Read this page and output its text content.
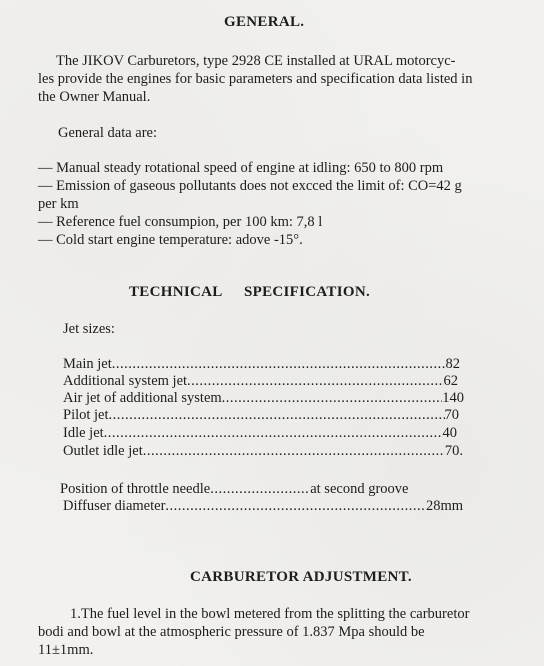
GENERAL.
The JIKOV Carburetors, type 2928 CE installed at URAL motorcyc-
les provide the engines for basic parameters and specification data listed in
the Owner Manual.
General data are:
— Manual steady rotational speed of engine at idling: 650 to 800 rpm
— Emission of gaseous pollutants does not excced the limit of: CO=42 g
per km
— Reference fuel consumpion, per 100 km: 7,8 l
— Cold start engine temperature: adove -15°.
TECHNICAL SPECIFICATION.
Jet sizes:
Main jet .....	82
Additional system jet .....	62
Air jet of additional system .....	140
Pilot jet .....	70
Idle jet .....	40
Outlet idle jet .....	70.
Position of throttle needle .....	at second groove
Diffuser diameter .....	28mm
CARBURETOR ADJUSTMENT.
1.The fuel level in the bowl metered from the splitting the carburetor
bodi and bowl at the atmospheric pressure of 1.837 Mpa should be
11±1mm.
